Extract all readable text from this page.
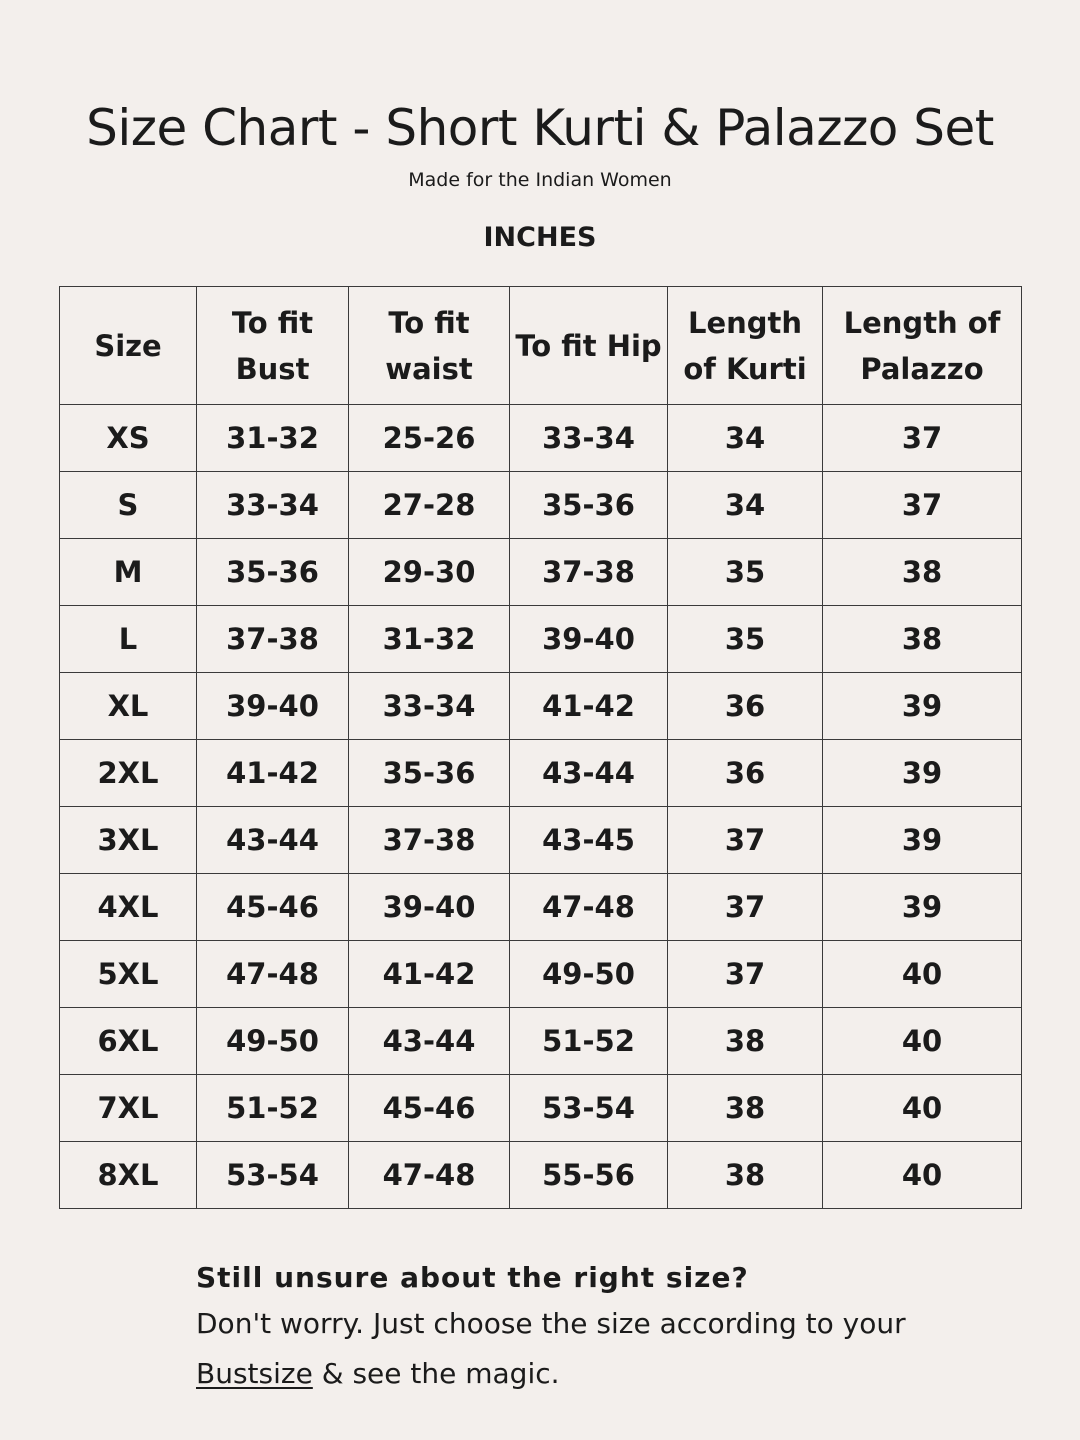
Size Chart - Short Kurti & Palazzo Set
Made for the Indian Women
INCHES
Size	To fit Bust	To fit waist	To fit Hip	Length of Kurti	Length of Palazzo
XS	31-32	25-26	33-34	34	37
S	33-34	27-28	35-36	34	37
M	35-36	29-30	37-38	35	38
L	37-38	31-32	39-40	35	38
XL	39-40	33-34	41-42	36	39
2XL	41-42	35-36	43-44	36	39
3XL	43-44	37-38	43-45	37	39
4XL	45-46	39-40	47-48	37	39
5XL	47-48	41-42	49-50	37	40
6XL	49-50	43-44	51-52	38	40
7XL	51-52	45-46	53-54	38	40
8XL	53-54	47-48	55-56	38	40
Still unsure about the right size?
Don't worry. Just choose the size according to your
Bustsize & see the magic.
